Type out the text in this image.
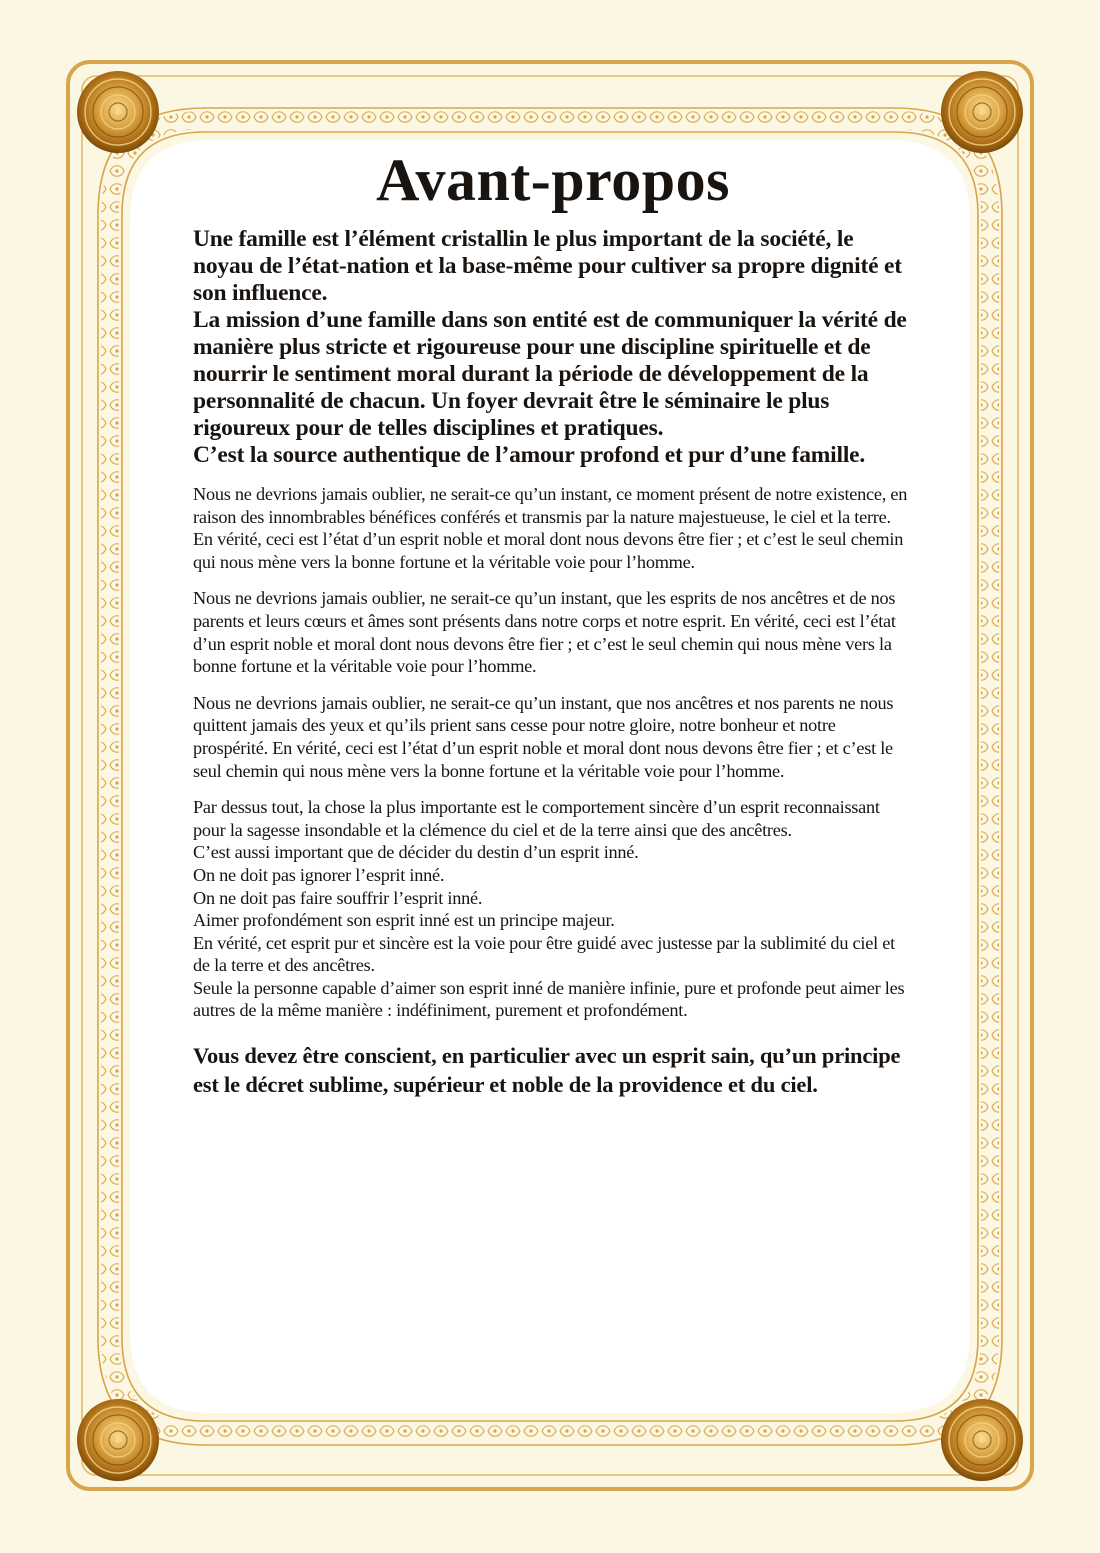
Avant-propos

Une famille est l’élément cristallin le plus important de la société, le noyau de l’état-nation et la base-même pour cultiver sa propre dignité et son influence.

La mission d’une famille dans son entité est de communiquer la vérité de manière plus stricte et rigoureuse pour une discipline spirituelle et de nourrir le sentiment moral durant la période de développement de la personnalité de chacun. Un foyer devrait être le séminaire le plus rigoureux pour de telles disciplines et pratiques.

C’est la source authentique de l’amour profond et pur d’une famille.

Nous ne devrions jamais oublier, ne serait-ce qu’un instant, ce moment présent de notre existence, en raison des innombrables bénéfices conférés et transmis par la nature majestueuse, le ciel et la terre. En vérité, ceci est l’état d’un esprit noble et moral dont nous devons être fier ; et c’est le seul chemin qui nous mène vers la bonne fortune et la véritable voie pour l’homme.

Nous ne devrions jamais oublier, ne serait-ce qu’un instant, que les esprits de nos ancêtres et de nos parents et leurs cœurs et âmes sont présents dans notre corps et notre esprit. En vérité, ceci est l’état d’un esprit noble et moral dont nous devons être fier ; et c’est le seul chemin qui nous mène vers la bonne fortune et la véritable voie pour l’homme.

Nous ne devrions jamais oublier, ne serait-ce qu’un instant, que nos ancêtres et nos parents ne nous quittent jamais des yeux et qu’ils prient sans cesse pour notre gloire, notre bonheur et notre prospérité. En vérité, ceci est l’état d’un esprit noble et moral dont nous devons être fier ; et c’est le seul chemin qui nous mène vers la bonne fortune et la véritable voie pour l’homme.

Par dessus tout, la chose la plus importante est le comportement sincère d’un esprit reconnaissant pour la sagesse insondable et la clémence du ciel et de la terre ainsi que des ancêtres.
C’est aussi important que de décider du destin d’un esprit inné.
On ne doit pas ignorer l’esprit inné.
On ne doit pas faire souffrir l’esprit inné.
Aimer profondément son esprit inné est un principe majeur.
En vérité, cet esprit pur et sincère est la voie pour être guidé avec justesse par la sublimité du ciel et de la terre et des ancêtres.
Seule la personne capable d’aimer son esprit inné de manière infinie, pure et profonde peut aimer les autres de la même manière : indéfiniment, purement et profondément.

Vous devez être conscient, en particulier avec un esprit sain, qu’un principe est le décret sublime, supérieur et noble de la providence et du ciel.
